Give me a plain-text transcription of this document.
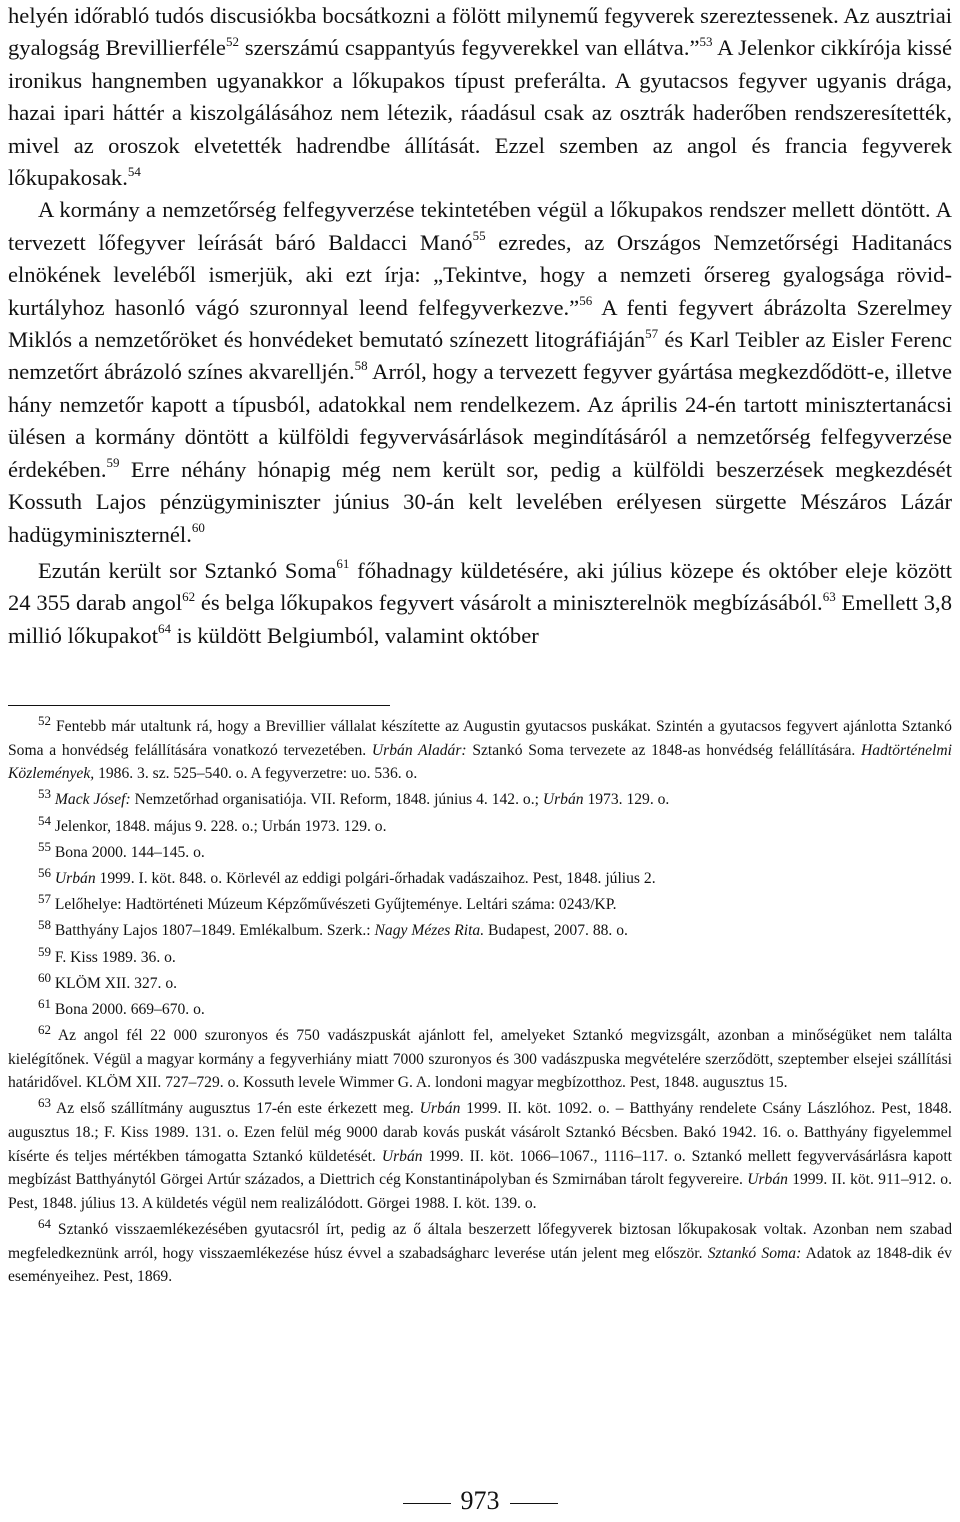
helyén időrabló tudós discusiókba bocsátkozni a fölött milynemű fegyverek szereztessenek. Az ausztriai gyalogság Brevillierféle$^{52}$ szerszámú csappantyús fegyverekkel van ellátva.”$^{53}$ A Jelenkor cikkírója kissé ironikus hangnemben ugyanakkor a lőkupakos típust preferálta. A gyutacsos fegyver ugyanis drága, hazai ipari háttér a kiszolgálásához nem létezik, ráadásul csak az osztrák haderőben rendszeresítették, mivel az oroszok elvetették hadrendbe állítását. Ezzel szemben az angol és francia fegyverek lőkupakosak.$^{54}$

A kormány a nemzetőrség felfegyverzése tekintetében végül a lőkupakos rendszer mellett döntött. A tervezett lőfegyver leírását báró Baldacci Manó$^{55}$ ezredes, az Országos Nemzetőrségi Haditanács elnökének leveléből ismerjük, aki ezt írja: „Tekintve, hogy a nemzeti őrsereg gyalogsága rövid-kurtályhoz hasonló vágó szuronnyal leend felfegyverkezve.”$^{56}$ A fenti fegyvert ábrázolta Szerelmey Miklós a nemzetőröket és honvédeket bemutató színezett litográfiáján$^{57}$ és Karl Teibler az Eisler Ferenc nemzetőrt ábrázoló színes akvarelljén.$^{58}$ Arról, hogy a tervezett fegyver gyártása megkezdődött-e, illetve hány nemzetőr kapott a típusból, adatokkal nem rendelkezem. Az április 24-én tartott minisztertanácsi ülésen a kormány döntött a külföldi fegyvervásárlások megindításáról a nemzetőrség felfegyverzése érdekében.$^{59}$ Erre néhány hónapig még nem került sor, pedig a külföldi beszerzések megkezdését Kossuth Lajos pénzügyminiszter június 30-án kelt levelében erélyesen sürgette Mészáros Lázár hadügyminiszternél.$^{60}$

Ezután került sor Sztankó Soma$^{61}$ főhadnagy küldetésére, aki július közepe és október eleje között 24 355 darab angol$^{62}$ és belga lőkupakos fegyvert vásárolt a miniszterelnök megbízásából.$^{63}$ Emellett 3,8 millió lőkupakot$^{64}$ is küldött Belgiumból, valamint október

$^{52}$ Fentebb már utaltunk rá, hogy a Brevillier vállalat készítette az Augustin gyutacsos puskákat. Szintén a gyutacsos fegyvert ajánlotta Sztankó Soma a honvédség felállítására vonatkozó tervezetében. Urbán Aladár: Sztankó Soma tervezete az 1848-as honvédség felállítására. Hadtörténelmi Közlemények, 1986. 3. sz. 525–540. o. A fegyverzetre: uo. 536. o.

$^{53}$ Mack Jósef: Nemzetőrhad organisatiója. VII. Reform, 1848. június 4. 142. o.; Urbán 1973. 129. o.

$^{54}$ Jelenkor, 1848. május 9. 228. o.; Urbán 1973. 129. o.

$^{55}$ Bona 2000. 144–145. o.

$^{56}$ Urbán 1999. I. köt. 848. o. Körlevél az eddigi polgári-őrhadak vadászaihoz. Pest, 1848. július 2.

$^{57}$ Lelőhelye: Hadtörténeti Múzeum Képzőművészeti Gyűjteménye. Leltári száma: 0243/KP.

$^{58}$ Batthyány Lajos 1807–1849. Emlékalbum. Szerk.: Nagy Mézes Rita. Budapest, 2007. 88. o.

$^{59}$ F. Kiss 1989. 36. o.

$^{60}$ KLÖM XII. 327. o.

$^{61}$ Bona 2000. 669–670. o.

$^{62}$ Az angol fél 22 000 szuronyos és 750 vadászpuskát ajánlott fel, amelyeket Sztankó megvizsgált, azonban a minőségüket nem találta kielégítőnek. Végül a magyar kormány a fegyverhiány miatt 7000 szuronyos és 300 vadászpuska megvételére szerződött, szeptember elsejei szállítási határidővel. KLÖM XII. 727–729. o. Kossuth levele Wimmer G. A. londoni magyar megbízotthoz. Pest, 1848. augusztus 15.

$^{63}$ Az első szállítmány augusztus 17-én este érkezett meg. Urbán 1999. II. köt. 1092. o. – Batthyány rendelete Csány Lászlóhoz. Pest, 1848. augusztus 18.; F. Kiss 1989. 131. o. Ezen felül még 9000 darab kovás puskát vásárolt Sztankó Bécsben. Bakó 1942. 16. o. Batthyány figyelemmel kísérte és teljes mértékben támogatta Sztankó küldetését. Urbán 1999. II. köt. 1066–1067., 1116–117. o. Sztankó mellett fegyvervásárlásra kapott megbízást Batthyánytól Görgei Artúr százados, a Diettrich cég Konstantinápolyban és Szmirnában tárolt fegyvereire. Urbán 1999. II. köt. 911–912. o. Pest, 1848. július 13. A küldetés végül nem realizálódott. Görgei 1988. I. köt. 139. o.

$^{64}$ Sztankó visszaemlékezésében gyutacsról írt, pedig az ő általa beszerzett lőfegyverek biztosan lőkupakosak voltak. Azonban nem szabad megfeledkeznünk arról, hogy visszaemlékezése húsz évvel a szabadságharc leverése után jelent meg először. Sztankó Soma: Adatok az 1848-dik év eseményeihez. Pest, 1869.

973
